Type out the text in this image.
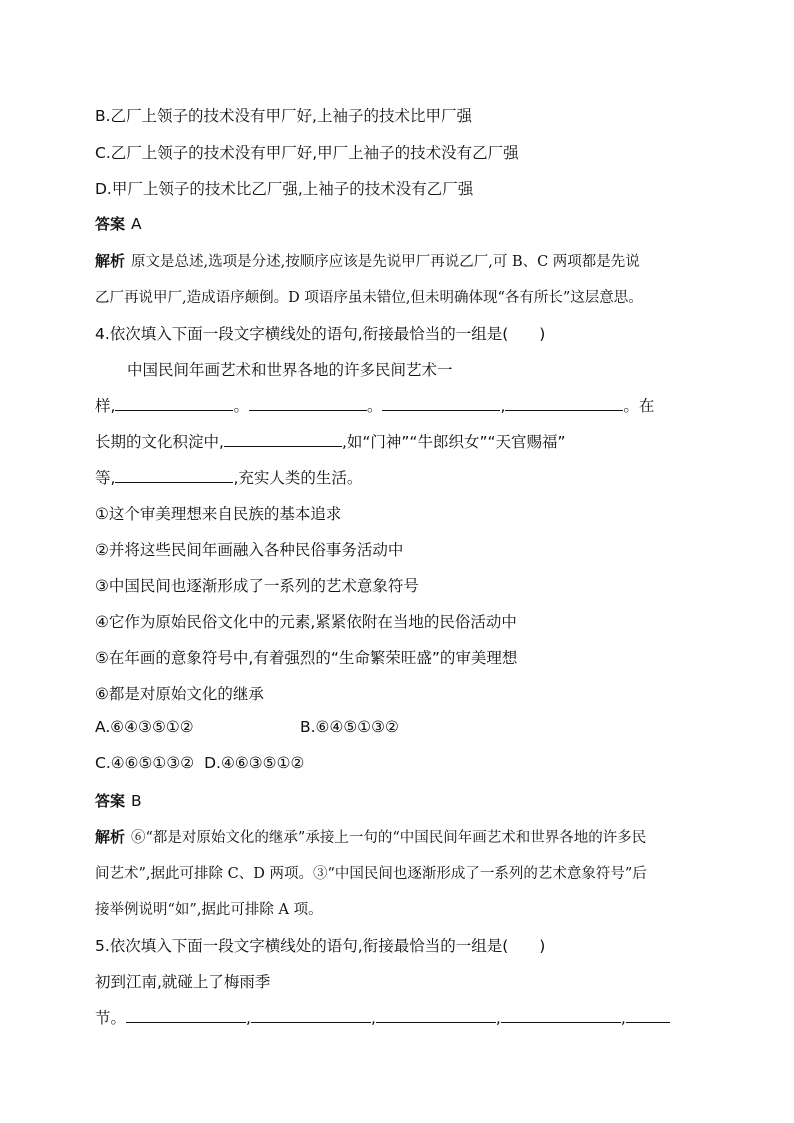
B.乙厂上领子的技术没有甲厂好,上袖子的技术比甲厂强
C.乙厂上领子的技术没有甲厂好,甲厂上袖子的技术没有乙厂强
D.甲厂上领子的技术比乙厂强,上袖子的技术没有乙厂强
答案 A
解析 原文是总述,选项是分述,按顺序应该是先说甲厂再说乙厂,可 B、C 两项都是先说
乙厂再说甲厂,造成语序颠倒。D 项语序虽未错位,但未明确体现“各有所长”这层意思。
4.依次填入下面一段文字横线处的语句,衔接最恰当的一组是(　　)
中国民间年画艺术和世界各地的许多民间艺术一
样,	。	。	,	。在
长期的文化积淀中,	,如“门神”“牛郎织女”“天官赐福”
等,	,充实人类的生活。
①这个审美理想来自民族的基本追求
②并将这些民间年画融入各种民俗事务活动中
③中国民间也逐渐形成了一系列的艺术意象符号
④它作为原始民俗文化中的元素,紧紧依附在当地的民俗活动中
⑤在年画的意象符号中,有着强烈的“生命繁荣旺盛”的审美理想
⑥都是对原始文化的继承
A.⑥④③⑤①②	B.⑥④⑤①③②
C.④⑥⑤①③② D.④⑥③⑤①②
答案 B
解析 ⑥“都是对原始文化的继承”承接上一句的“中国民间年画艺术和世界各地的许多民
间艺术”,据此可排除 C、D 两项。③“中国民间也逐渐形成了一系列的艺术意象符号”后
接举例说明“如”,据此可排除 A 项。
5.依次填入下面一段文字横线处的语句,衔接最恰当的一组是(　　)
初到江南,就碰上了梅雨季
节。	,	,	,	,
